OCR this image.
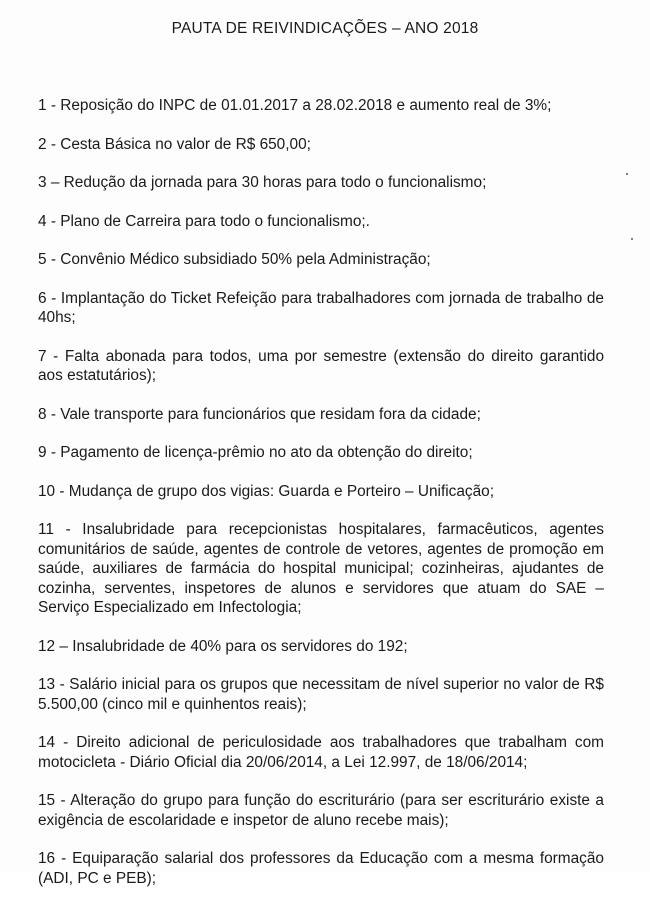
PAUTA DE REIVINDICAÇÕES – ANO 2018
1 - Reposição do INPC de 01.01.2017 a 28.02.2018 e aumento real de 3%;
2 - Cesta Básica no valor de R$ 650,00;
3 – Redução da jornada para 30 horas para todo o funcionalismo;
4 - Plano de Carreira para todo o funcionalismo;.
5 - Convênio Médico subsidiado 50% pela Administração;
6 - Implantação do Ticket Refeição para trabalhadores com jornada de trabalho de 40hs;
7 - Falta abonada para todos, uma por semestre (extensão do direito garantido aos estatutários);
8 - Vale transporte para funcionários que residam fora da cidade;
9 - Pagamento de licença-prêmio no ato da obtenção do direito;
10 - Mudança de grupo dos vigias: Guarda e Porteiro – Unificação;
11 - Insalubridade para recepcionistas hospitalares, farmacêuticos, agentes comunitários de saúde, agentes de controle de vetores, agentes de promoção em saúde, auxiliares de farmácia do hospital municipal; cozinheiras, ajudantes de cozinha, serventes, inspetores de alunos e servidores que atuam do SAE – Serviço Especializado em Infectologia;
12 – Insalubridade de 40% para os servidores do 192;
13 - Salário inicial para os grupos que necessitam de nível superior no valor de R$ 5.500,00 (cinco mil e quinhentos reais);
14 - Direito adicional de periculosidade aos trabalhadores que trabalham com motocicleta - Diário Oficial dia 20/06/2014, a Lei 12.997, de 18/06/2014;
15 - Alteração do grupo para função do escriturário (para ser escriturário existe a exigência de escolaridade e inspetor de aluno recebe mais);
16 - Equiparação salarial dos professores da Educação com a mesma formação (ADI, PC e PEB);
